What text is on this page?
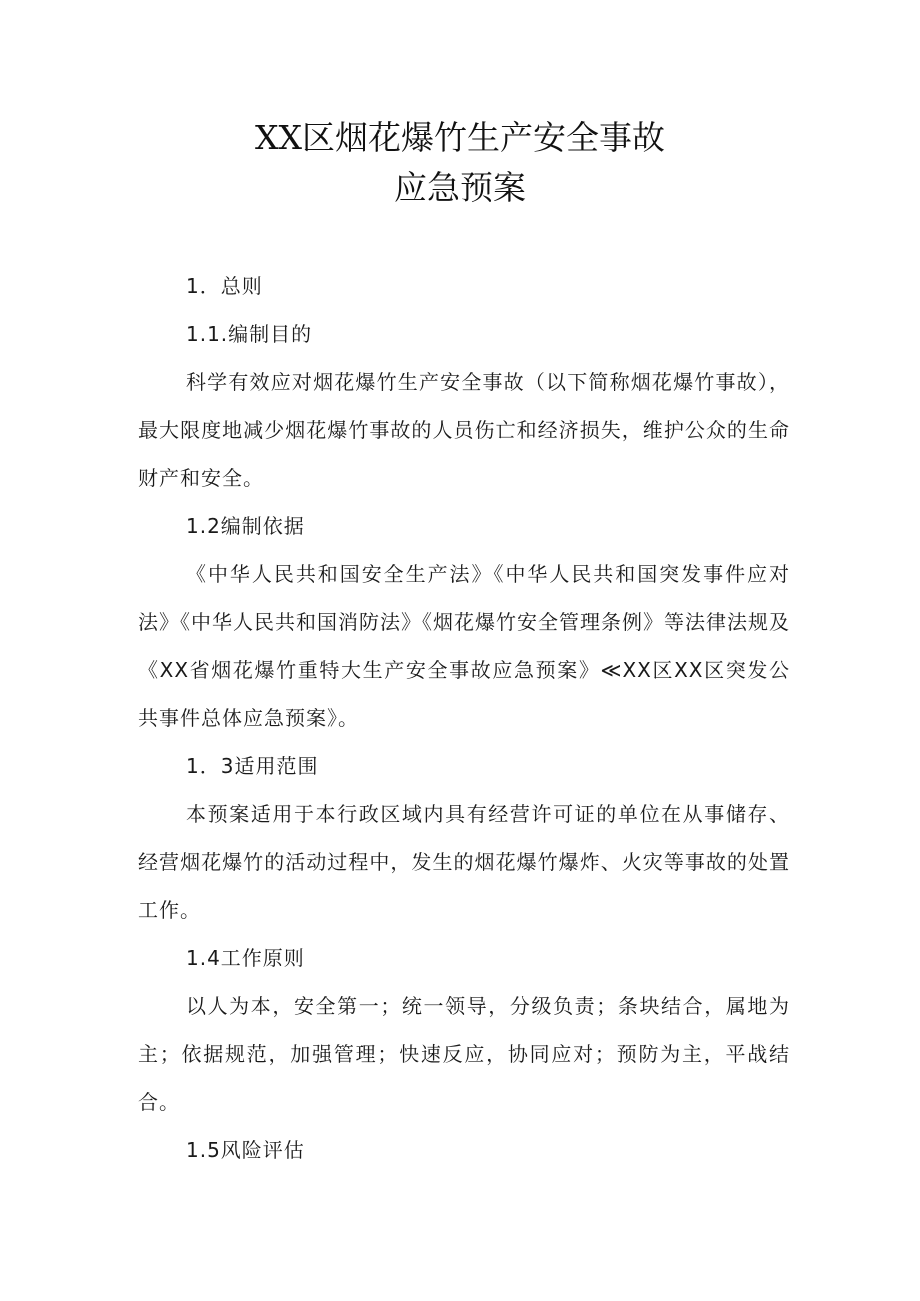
XX区烟花爆竹生产安全事故
应急预案

1．总则

1.1.编制目的

科学有效应对烟花爆竹生产安全事故（以下简称烟花爆竹事故），最大限度地减少烟花爆竹事故的人员伤亡和经济损失，维护公众的生命财产和安全。

1.2编制依据

《中华人民共和国安全生产法》《中华人民共和国突发事件应对法》《中华人民共和国消防法》《烟花爆竹安全管理条例》等法律法规及《XX省烟花爆竹重特大生产安全事故应急预案》≪XX区XX区突发公共事件总体应急预案》。

1．3适用范围

本预案适用于本行政区域内具有经营许可证的单位在从事储存、经营烟花爆竹的活动过程中，发生的烟花爆竹爆炸、火灾等事故的处置工作。

1.4工作原则

以人为本，安全第一；统一领导，分级负责；条块结合，属地为主；依据规范，加强管理；快速反应，协同应对；预防为主，平战结合。

1.5风险评估
